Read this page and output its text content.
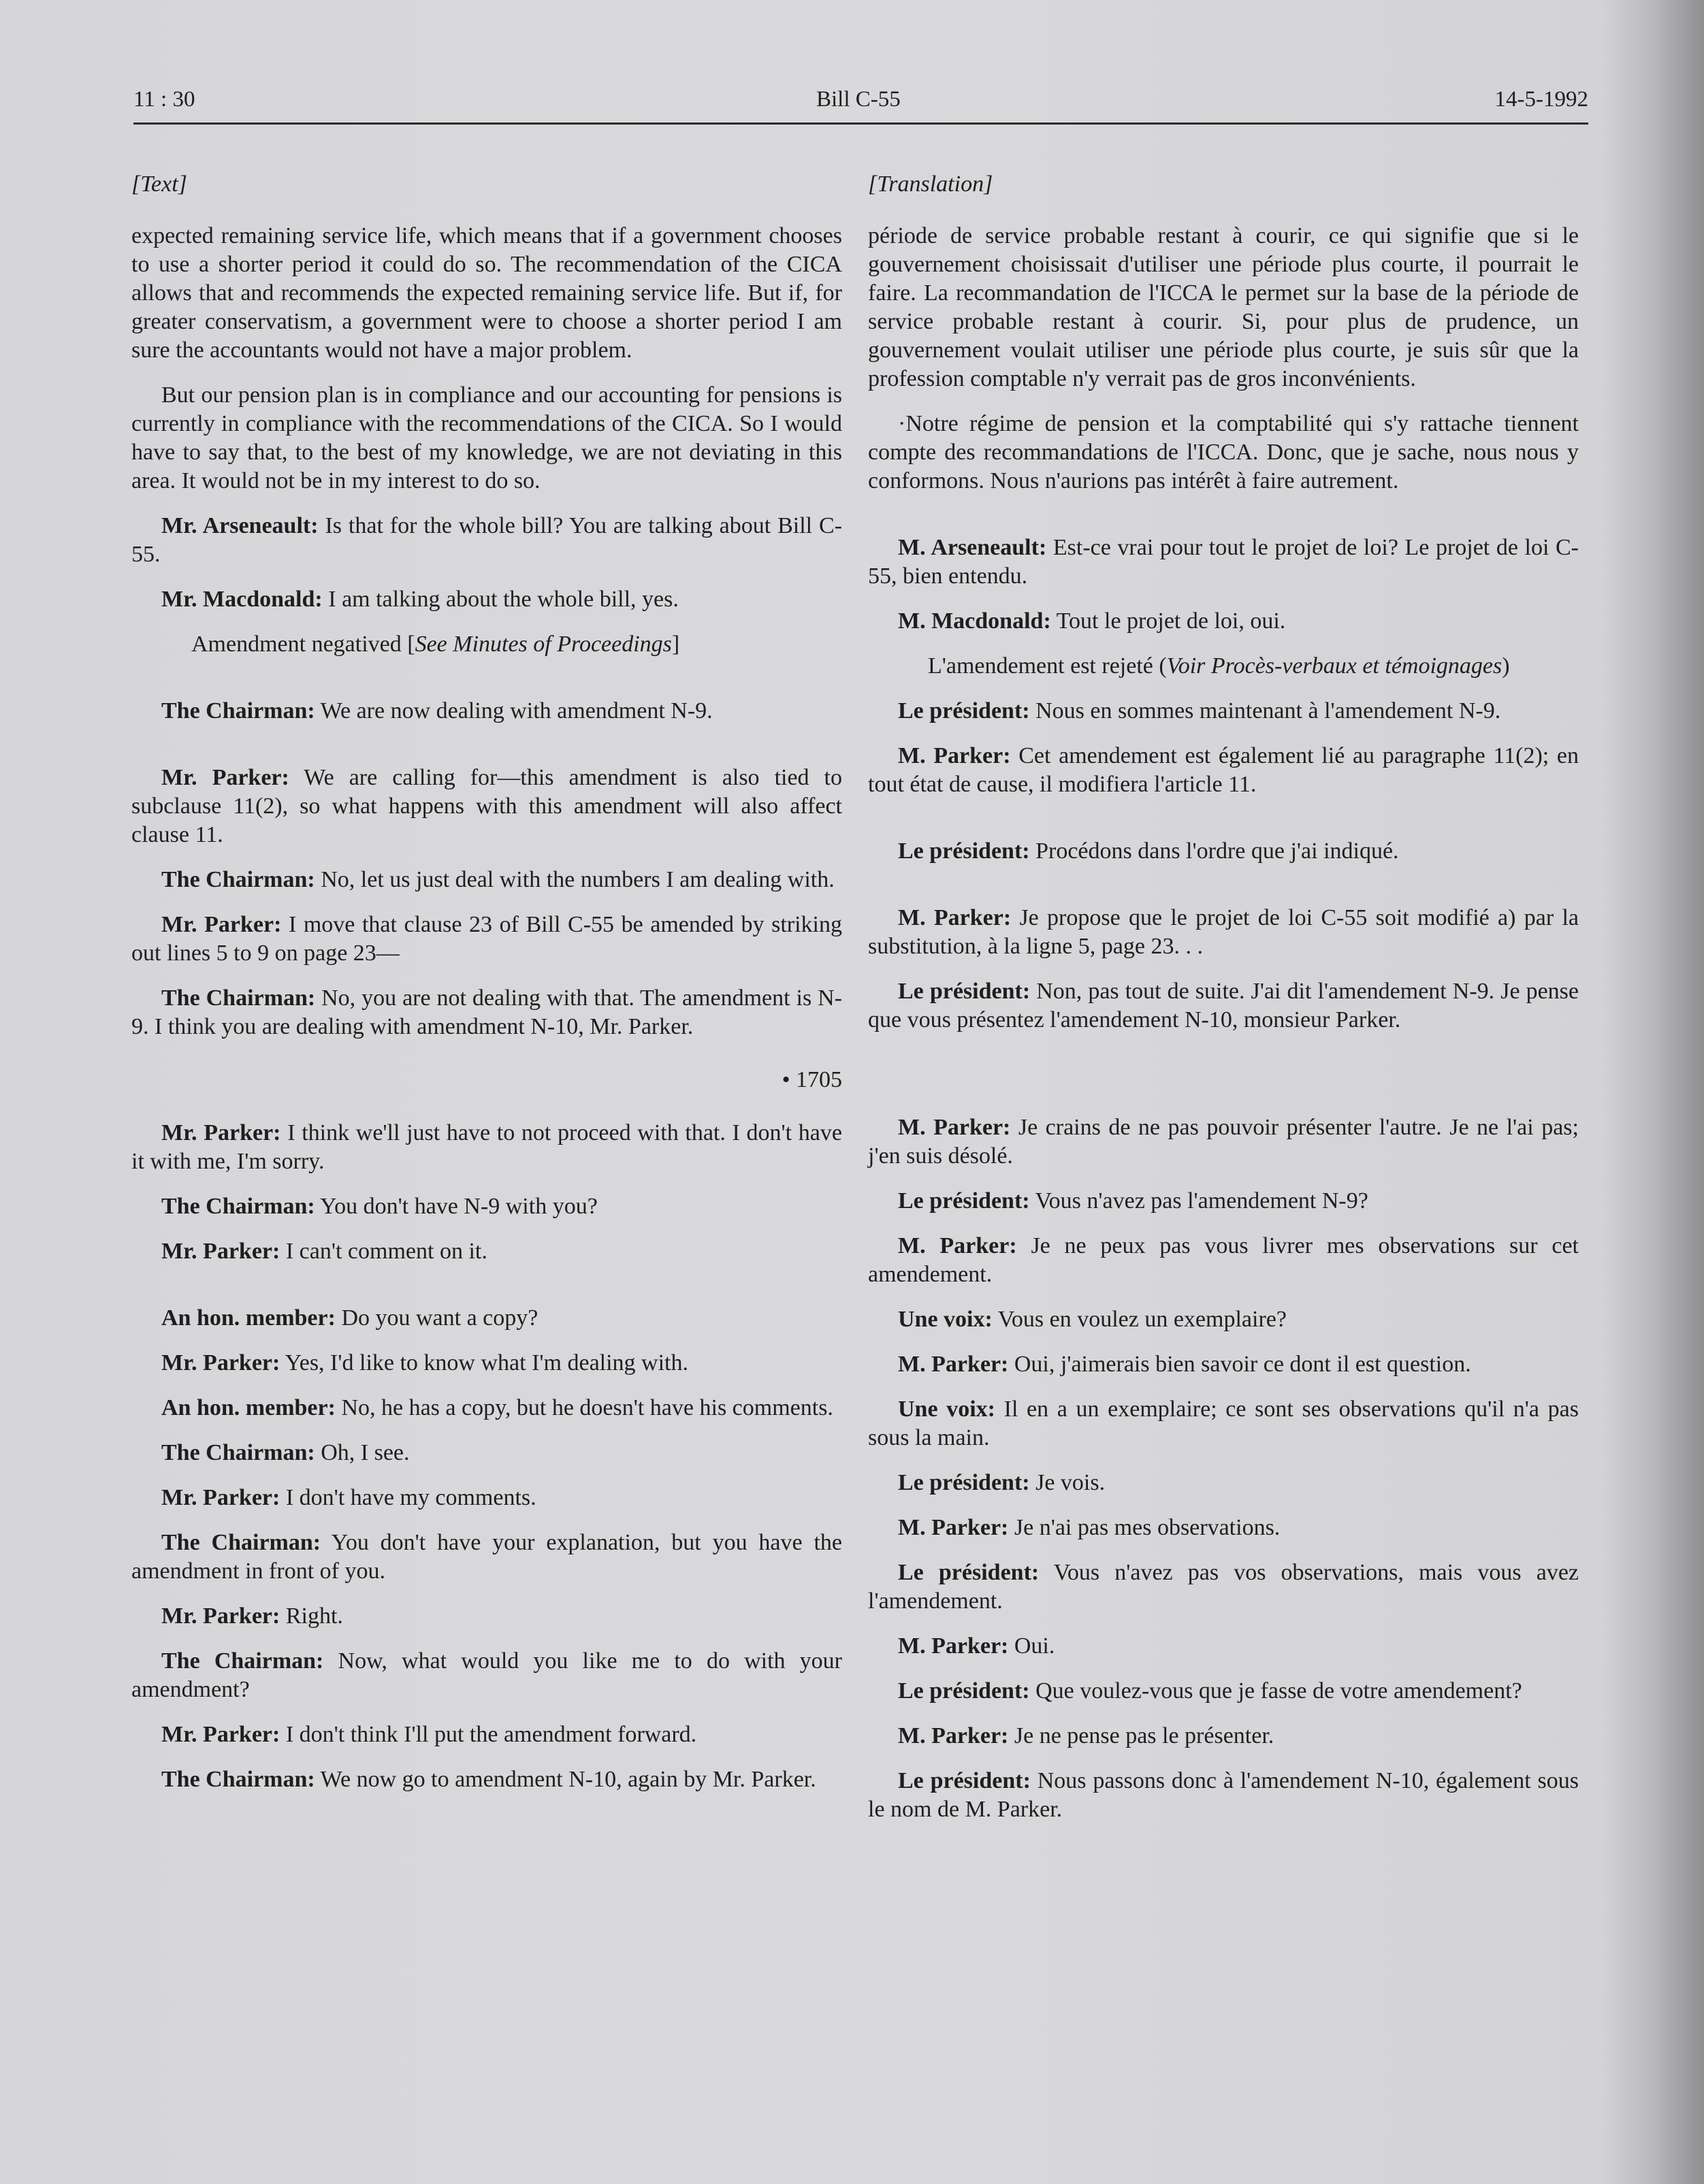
11 : 30	Bill C-55	14-5-1992

[Text]

expected remaining service life, which means that if a government chooses to use a shorter period it could do so. The recommendation of the CICA allows that and recommends the expected remaining service life. But if, for greater conservatism, a government were to choose a shorter period I am sure the accountants would not have a major problem.

But our pension plan is in compliance and our accounting for pensions is currently in compliance with the recommendations of the CICA. So I would have to say that, to the best of my knowledge, we are not deviating in this area. It would not be in my interest to do so.

Mr. Arseneault: Is that for the whole bill? You are talking about Bill C-55.

Mr. Macdonald: I am talking about the whole bill, yes.

Amendment negatived [See Minutes of Proceedings]

The Chairman: We are now dealing with amendment N-9.

Mr. Parker: We are calling for—this amendment is also tied to subclause 11(2), so what happens with this amendment will also affect clause 11.

The Chairman: No, let us just deal with the numbers I am dealing with.

Mr. Parker: I move that clause 23 of Bill C-55 be amended by striking out lines 5 to 9 on page 23—

The Chairman: No, you are not dealing with that. The amendment is N-9. I think you are dealing with amendment N-10, Mr. Parker.

• 1705

Mr. Parker: I think we'll just have to not proceed with that. I don't have it with me, I'm sorry.

The Chairman: You don't have N-9 with you?

Mr. Parker: I can't comment on it.

An hon. member: Do you want a copy?

Mr. Parker: Yes, I'd like to know what I'm dealing with.

An hon. member: No, he has a copy, but he doesn't have his comments.

The Chairman: Oh, I see.

Mr. Parker: I don't have my comments.

The Chairman: You don't have your explanation, but you have the amendment in front of you.

Mr. Parker: Right.

The Chairman: Now, what would you like me to do with your amendment?

Mr. Parker: I don't think I'll put the amendment forward.

The Chairman: We now go to amendment N-10, again by Mr. Parker.

[Translation]

période de service probable restant à courir, ce qui signifie que si le gouvernement choisissait d'utiliser une période plus courte, il pourrait le faire. La recommandation de l'ICCA le permet sur la base de la période de service probable restant à courir. Si, pour plus de prudence, un gouvernement voulait utiliser une période plus courte, je suis sûr que la profession comptable n'y verrait pas de gros inconvénients.

·Notre régime de pension et la comptabilité qui s'y rattache tiennent compte des recommandations de l'ICCA. Donc, que je sache, nous nous y conformons. Nous n'aurions pas intérêt à faire autrement.

M. Arseneault: Est-ce vrai pour tout le projet de loi? Le projet de loi C-55, bien entendu.

M. Macdonald: Tout le projet de loi, oui.

L'amendement est rejeté (Voir Procès-verbaux et témoignages)

Le président: Nous en sommes maintenant à l'amendement N-9.

M. Parker: Cet amendement est également lié au paragraphe 11(2); en tout état de cause, il modifiera l'article 11.

Le président: Procédons dans l'ordre que j'ai indiqué.

M. Parker: Je propose que le projet de loi C-55 soit modifié a) par la substitution, à la ligne 5, page 23. . .

Le président: Non, pas tout de suite. J'ai dit l'amendement N-9. Je pense que vous présentez l'amendement N-10, monsieur Parker.

M. Parker: Je crains de ne pas pouvoir présenter l'autre. Je ne l'ai pas; j'en suis désolé.

Le président: Vous n'avez pas l'amendement N-9?

M. Parker: Je ne peux pas vous livrer mes observations sur cet amendement.

Une voix: Vous en voulez un exemplaire?

M. Parker: Oui, j'aimerais bien savoir ce dont il est question.

Une voix: Il en a un exemplaire; ce sont ses observations qu'il n'a pas sous la main.

Le président: Je vois.

M. Parker: Je n'ai pas mes observations.

Le président: Vous n'avez pas vos observations, mais vous avez l'amendement.

M. Parker: Oui.

Le président: Que voulez-vous que je fasse de votre amendement?

M. Parker: Je ne pense pas le présenter.

Le président: Nous passons donc à l'amendement N-10, également sous le nom de M. Parker.
